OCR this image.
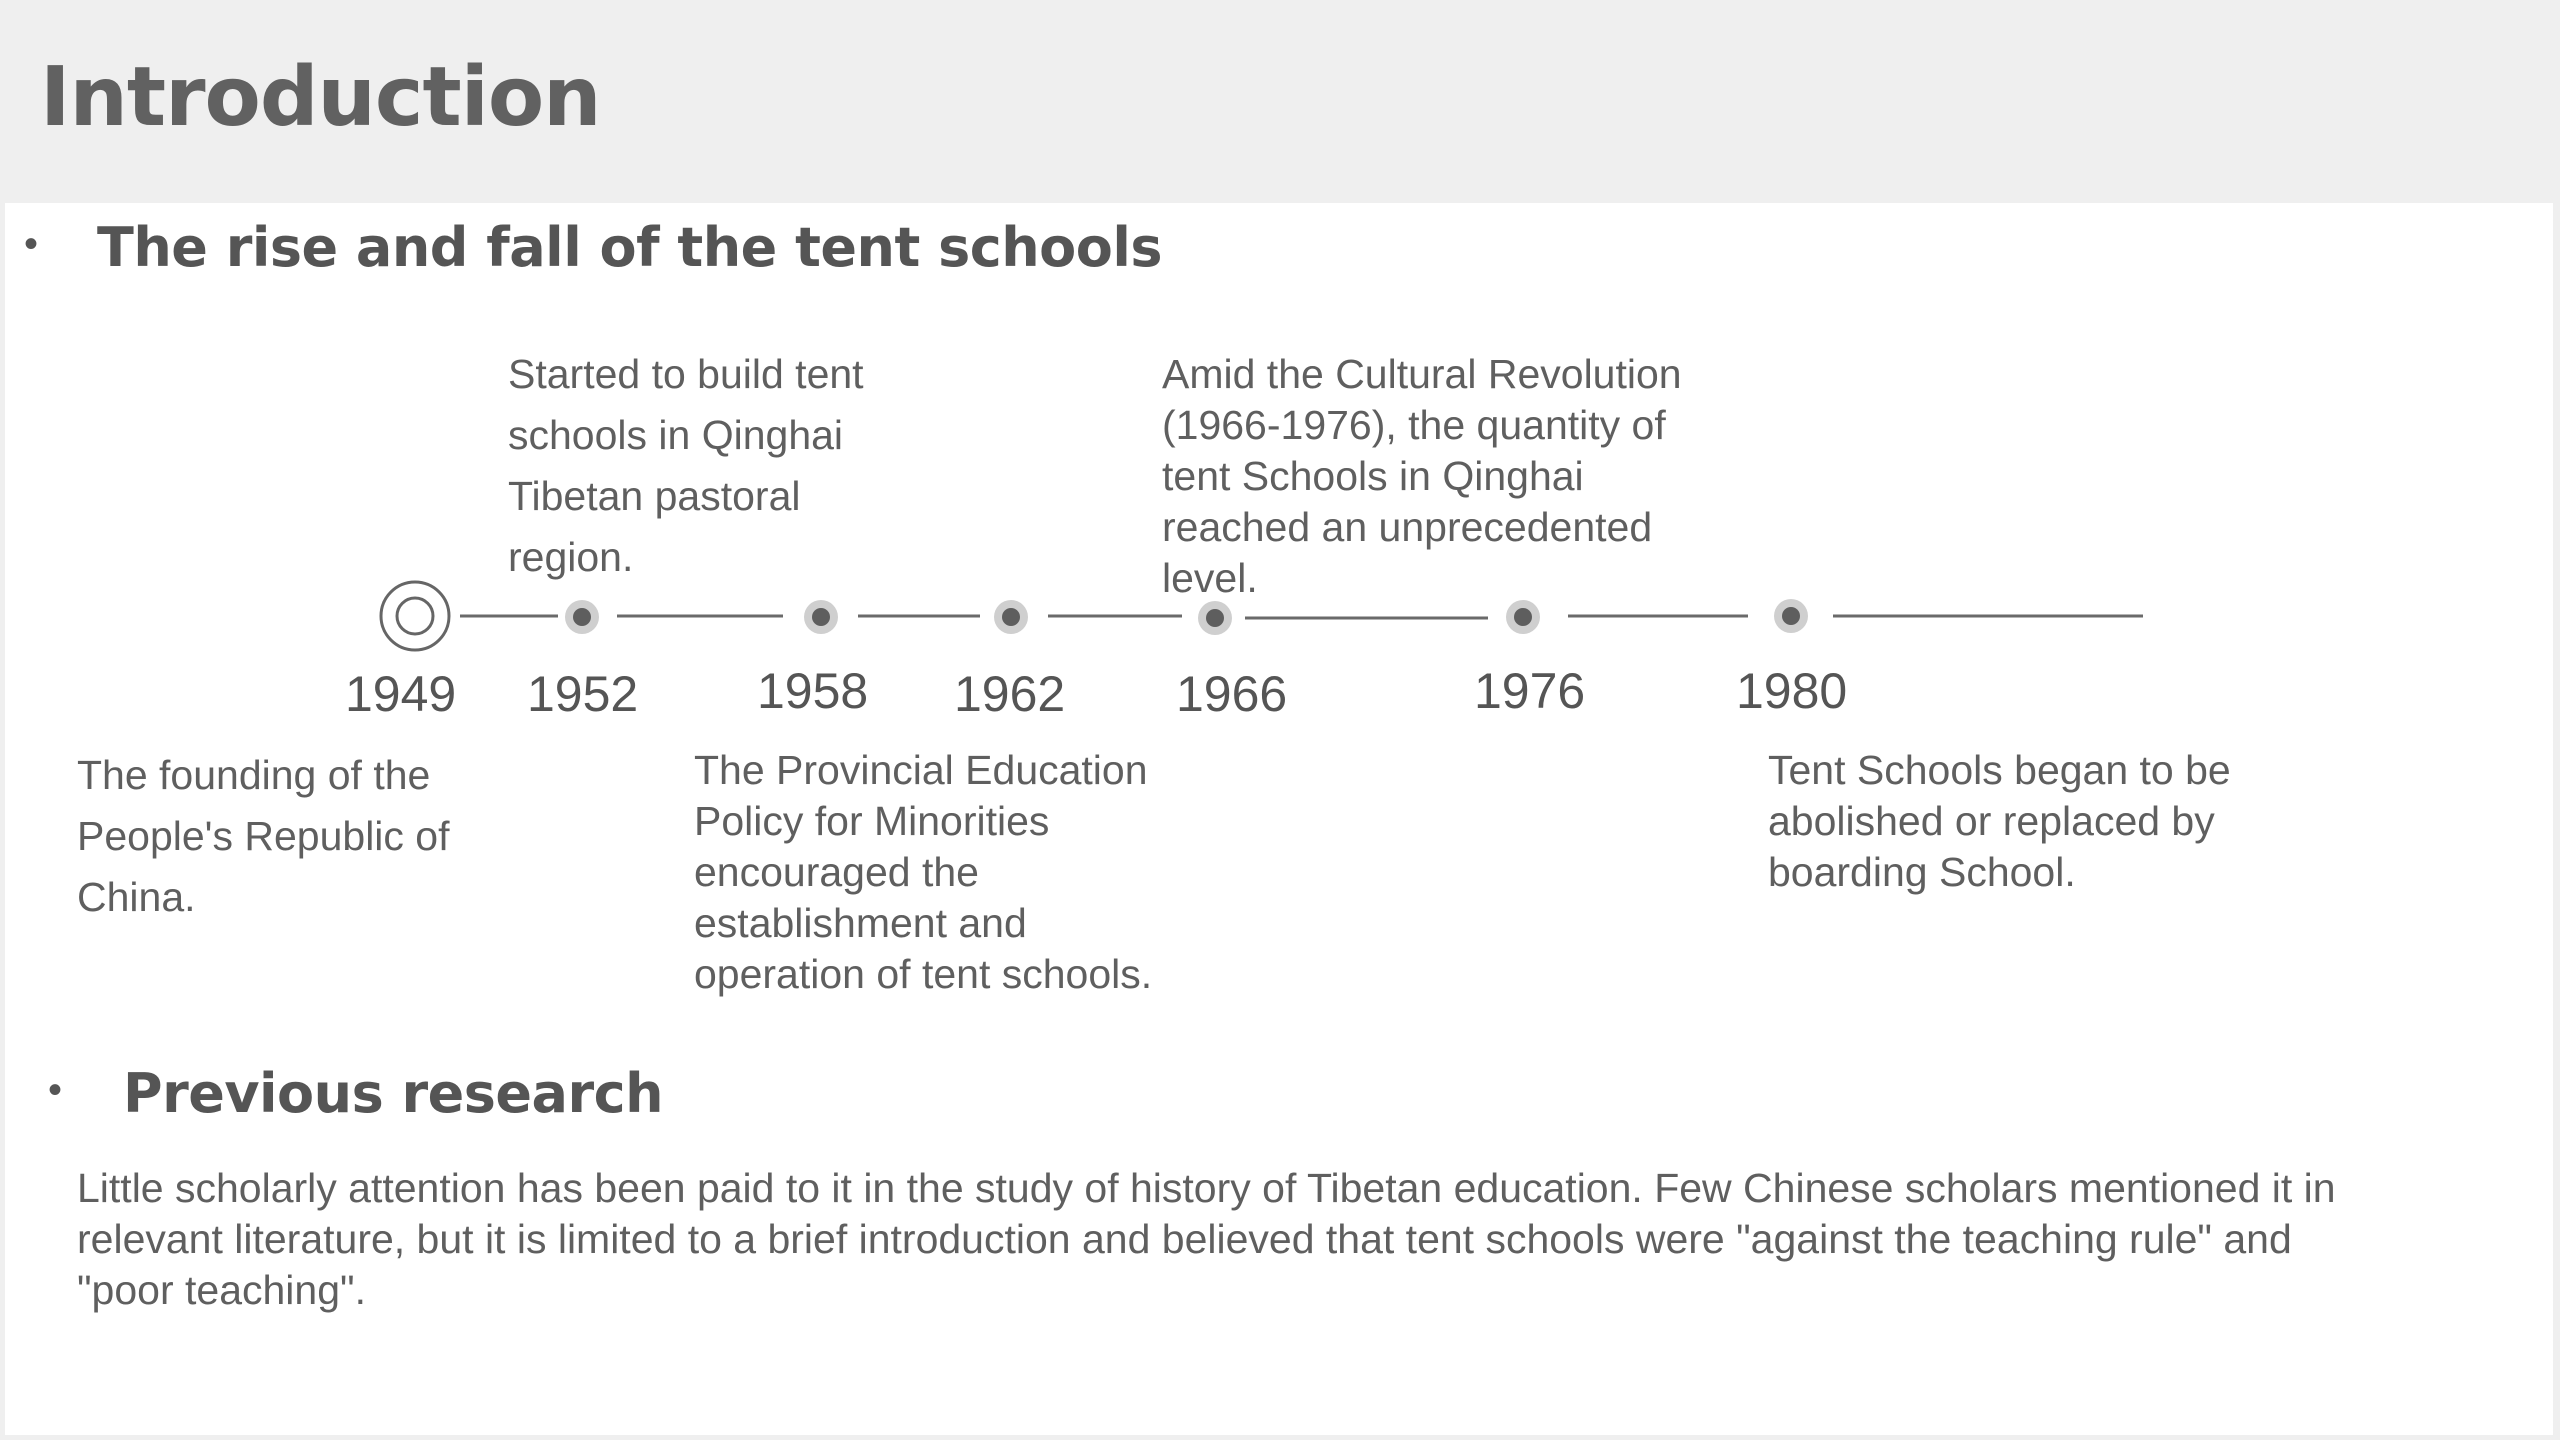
Introduction
• The rise and fall of the tent schools
1949 1952 1958 1962 1966	1976	1980
Started to build tent
schools in Qinghai
Tibetan pastoral
region.
Amid the Cultural Revolution
(1966-1976), the quantity of
tent Schools in Qinghai
reached an unprecedented
level.
The founding of the
People's Republic of
China.
The Provincial Education
Policy for Minorities
encouraged the
establishment and
operation of tent schools.
Tent Schools began to be
abolished or replaced by
boarding School.
• Previous research
Little scholarly attention has been paid to it in the study of history of Tibetan education. Few Chinese scholars mentioned it in relevant literature, but it is limited to a brief introduction and believed that tent schools were "against the teaching rule" and "poor teaching".
